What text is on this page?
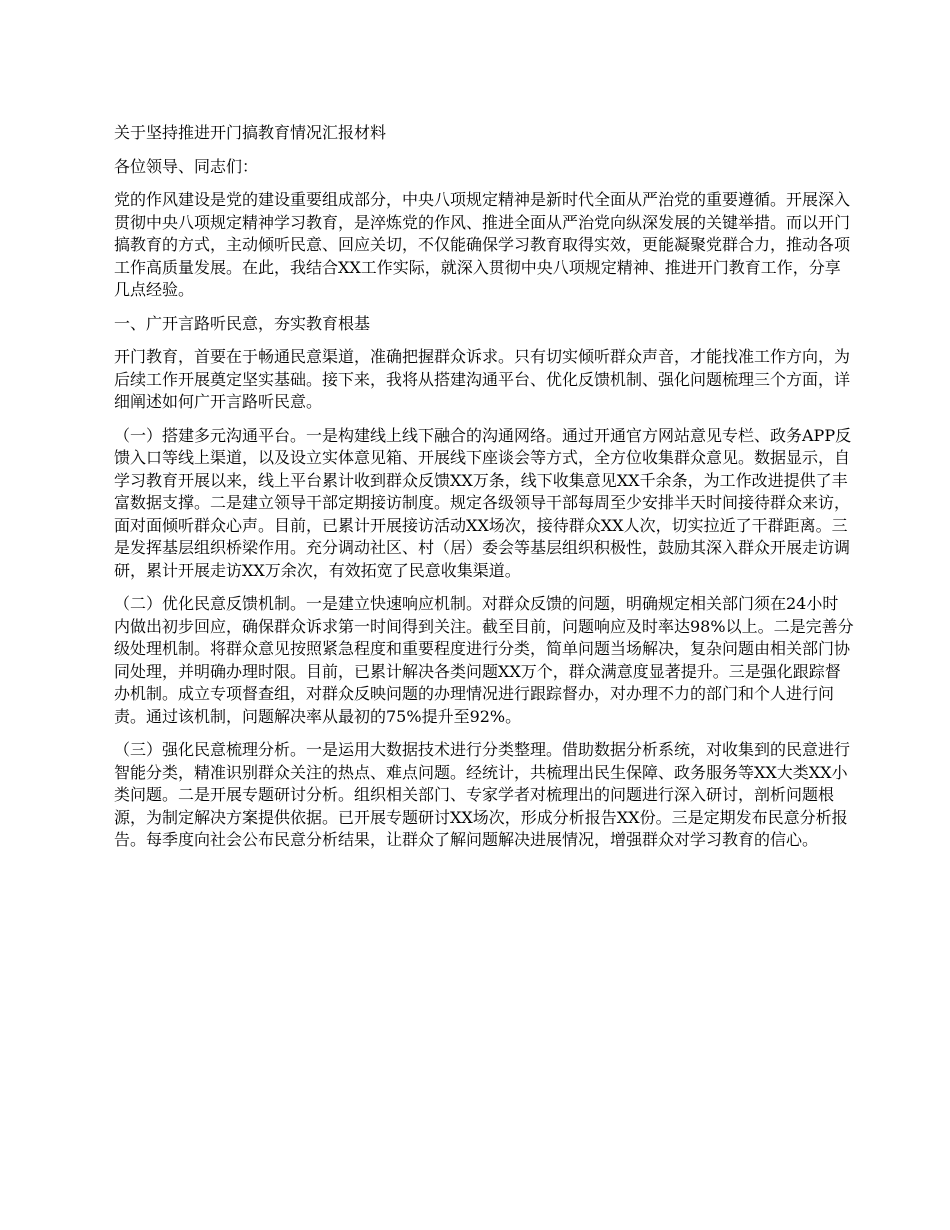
关于坚持推进开门搞教育情况汇报材料

各位领导、同志们：

党的作风建设是党的建设重要组成部分，中央八项规定精神是新时代全面从严治党的重要遵循。开展深入贯彻中央八项规定精神学习教育，是淬炼党的作风、推进全面从严治党向纵深发展的关键举措。而以开门搞教育的方式，主动倾听民意、回应关切，不仅能确保学习教育取得实效，更能凝聚党群合力，推动各项工作高质量发展。在此，我结合XX工作实际，就深入贯彻中央八项规定精神、推进开门教育工作，分享几点经验。

一、广开言路听民意，夯实教育根基

开门教育，首要在于畅通民意渠道，准确把握群众诉求。只有切实倾听群众声音，才能找准工作方向，为后续工作开展奠定坚实基础。接下来，我将从搭建沟通平台、优化反馈机制、强化问题梳理三个方面，详细阐述如何广开言路听民意。

（一）搭建多元沟通平台。一是构建线上线下融合的沟通网络。通过开通官方网站意见专栏、政务APP反馈入口等线上渠道，以及设立实体意见箱、开展线下座谈会等方式，全方位收集群众意见。数据显示，自学习教育开展以来，线上平台累计收到群众反馈XX万条，线下收集意见XX千余条，为工作改进提供了丰富数据支撑。二是建立领导干部定期接访制度。规定各级领导干部每周至少安排半天时间接待群众来访，面对面倾听群众心声。目前，已累计开展接访活动XX场次，接待群众XX人次，切实拉近了干群距离。三是发挥基层组织桥梁作用。充分调动社区、村（居）委会等基层组织积极性，鼓励其深入群众开展走访调研，累计开展走访XX万余次，有效拓宽了民意收集渠道。

（二）优化民意反馈机制。一是建立快速响应机制。对群众反馈的问题，明确规定相关部门须在24小时内做出初步回应，确保群众诉求第一时间得到关注。截至目前，问题响应及时率达98%以上。二是完善分级处理机制。将群众意见按照紧急程度和重要程度进行分类，简单问题当场解决，复杂问题由相关部门协同处理，并明确办理时限。目前，已累计解决各类问题XX万个，群众满意度显著提升。三是强化跟踪督办机制。成立专项督查组，对群众反映问题的办理情况进行跟踪督办，对办理不力的部门和个人进行问责。通过该机制，问题解决率从最初的75%提升至92%。

（三）强化民意梳理分析。一是运用大数据技术进行分类整理。借助数据分析系统，对收集到的民意进行智能分类，精准识别群众关注的热点、难点问题。经统计，共梳理出民生保障、政务服务等XX大类XX小类问题。二是开展专题研讨分析。组织相关部门、专家学者对梳理出的问题进行深入研讨，剖析问题根源，为制定解决方案提供依据。已开展专题研讨XX场次，形成分析报告XX份。三是定期发布民意分析报告。每季度向社会公布民意分析结果，让群众了解问题解决进展情况，增强群众对学习教育的信心。
